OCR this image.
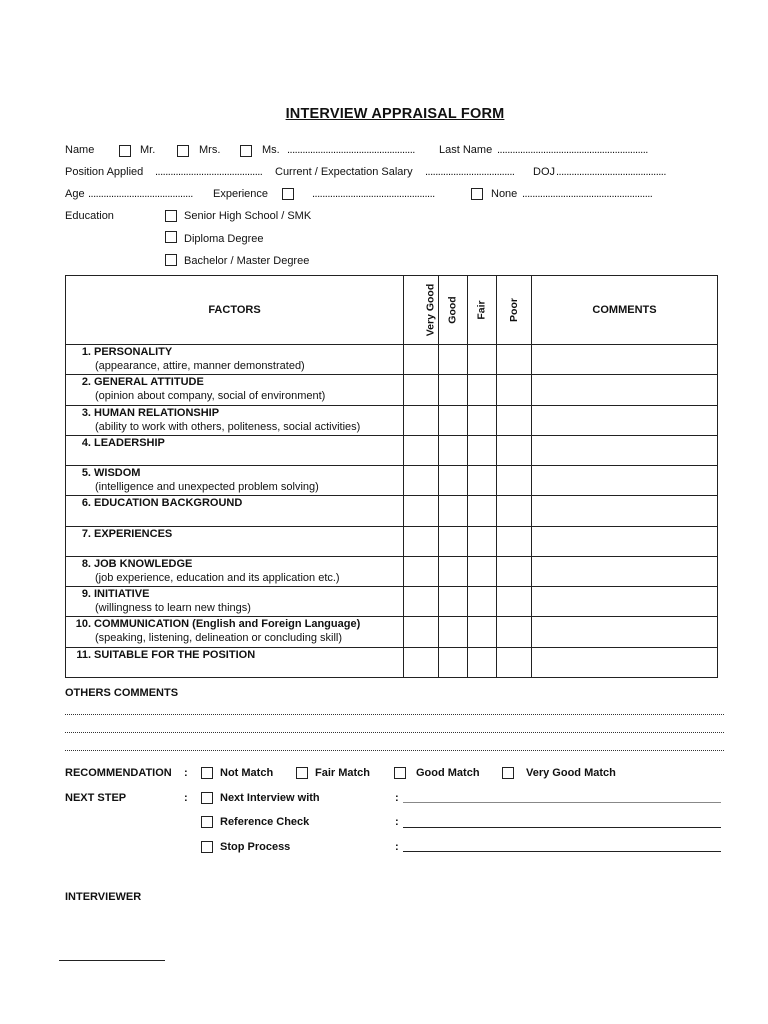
INTERVIEW APPRAISAL FORM
Name	Mr.	Mrs.	Ms. .................................................. Last Name ...........................................................
Position Applied .......................................... Current / Expectation Salary ................................... DOJ ...........................................
Age ......................................... Experience	................................................	None ...................................................
Education	Senior High School / SMK
Diploma Degree
Bachelor / Master Degree
FACTORS	Very Good	Good	Fair	Poor	COMMENTS

1. PERSONALITY
(appearance, attire, manner demonstrated)					

2. GENERAL ATTITUDE
(opinion about company, social of environment)					

3. HUMAN RELATIONSHIP
(ability to work with others, politeness, social activities)					

4. LEADERSHIP					

5. WISDOM
(intelligence and unexpected problem solving)					

6. EDUCATION BACKGROUND					

7. EXPERIENCES					

8. JOB KNOWLEDGE
(job experience, education and its application etc.)					

9. INITIATIVE
(willingness to learn new things)					

10. COMMUNICATION (English and Foreign Language)
(speaking, listening, delineation or concluding skill)					

11. SUITABLE FOR THE POSITION					

OTHERS COMMENTS
RECOMMENDATION :	Not Match	Fair Match	Good Match	Very Good Match
NEXT STEP	:	Next Interview with	:
Reference Check	:
Stop Process	:
INTERVIEWER
